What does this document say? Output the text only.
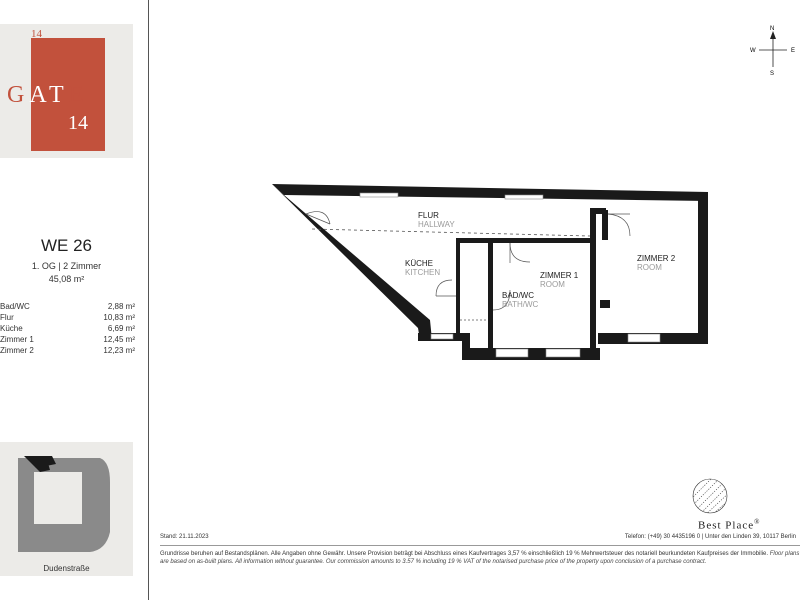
14
GATE
14
WE 26
1. OG | 2 Zimmer
45,08 m²
Bad/WC	2,88 m²
Flur	10,83 m²
Küche	6,69 m²
Zimmer 1	12,45 m²
Zimmer 2	12,23 m²
Dudenstraße
FLUR
HALLWAY
KÜCHE
KITCHEN	ZIMMER 1
ROOM
ZIMMER 2
ROOM
BAD/WC
BATH/WC
N
S
W	E
Best Place®
Stand: 21.11.2023	Telefon: (+49) 30 4435196 0 | Unter den Linden 39, 10117 Berlin
Grundrisse beruhen auf Bestandsplänen. Alle Angaben ohne Gewähr. Unsere Provision beträgt bei Abschluss eines Kaufvertrages 3,57 % einschließlich 19 % Mehrwertsteuer des notariell beurkundeten Kaufpreises der Immobilie. Floor plans are based on as-built plans. All information without guarantee. Our commission amounts to 3.57 % including 19 % VAT of the notarised purchase price of the property upon conclusion of a purchase contract.
